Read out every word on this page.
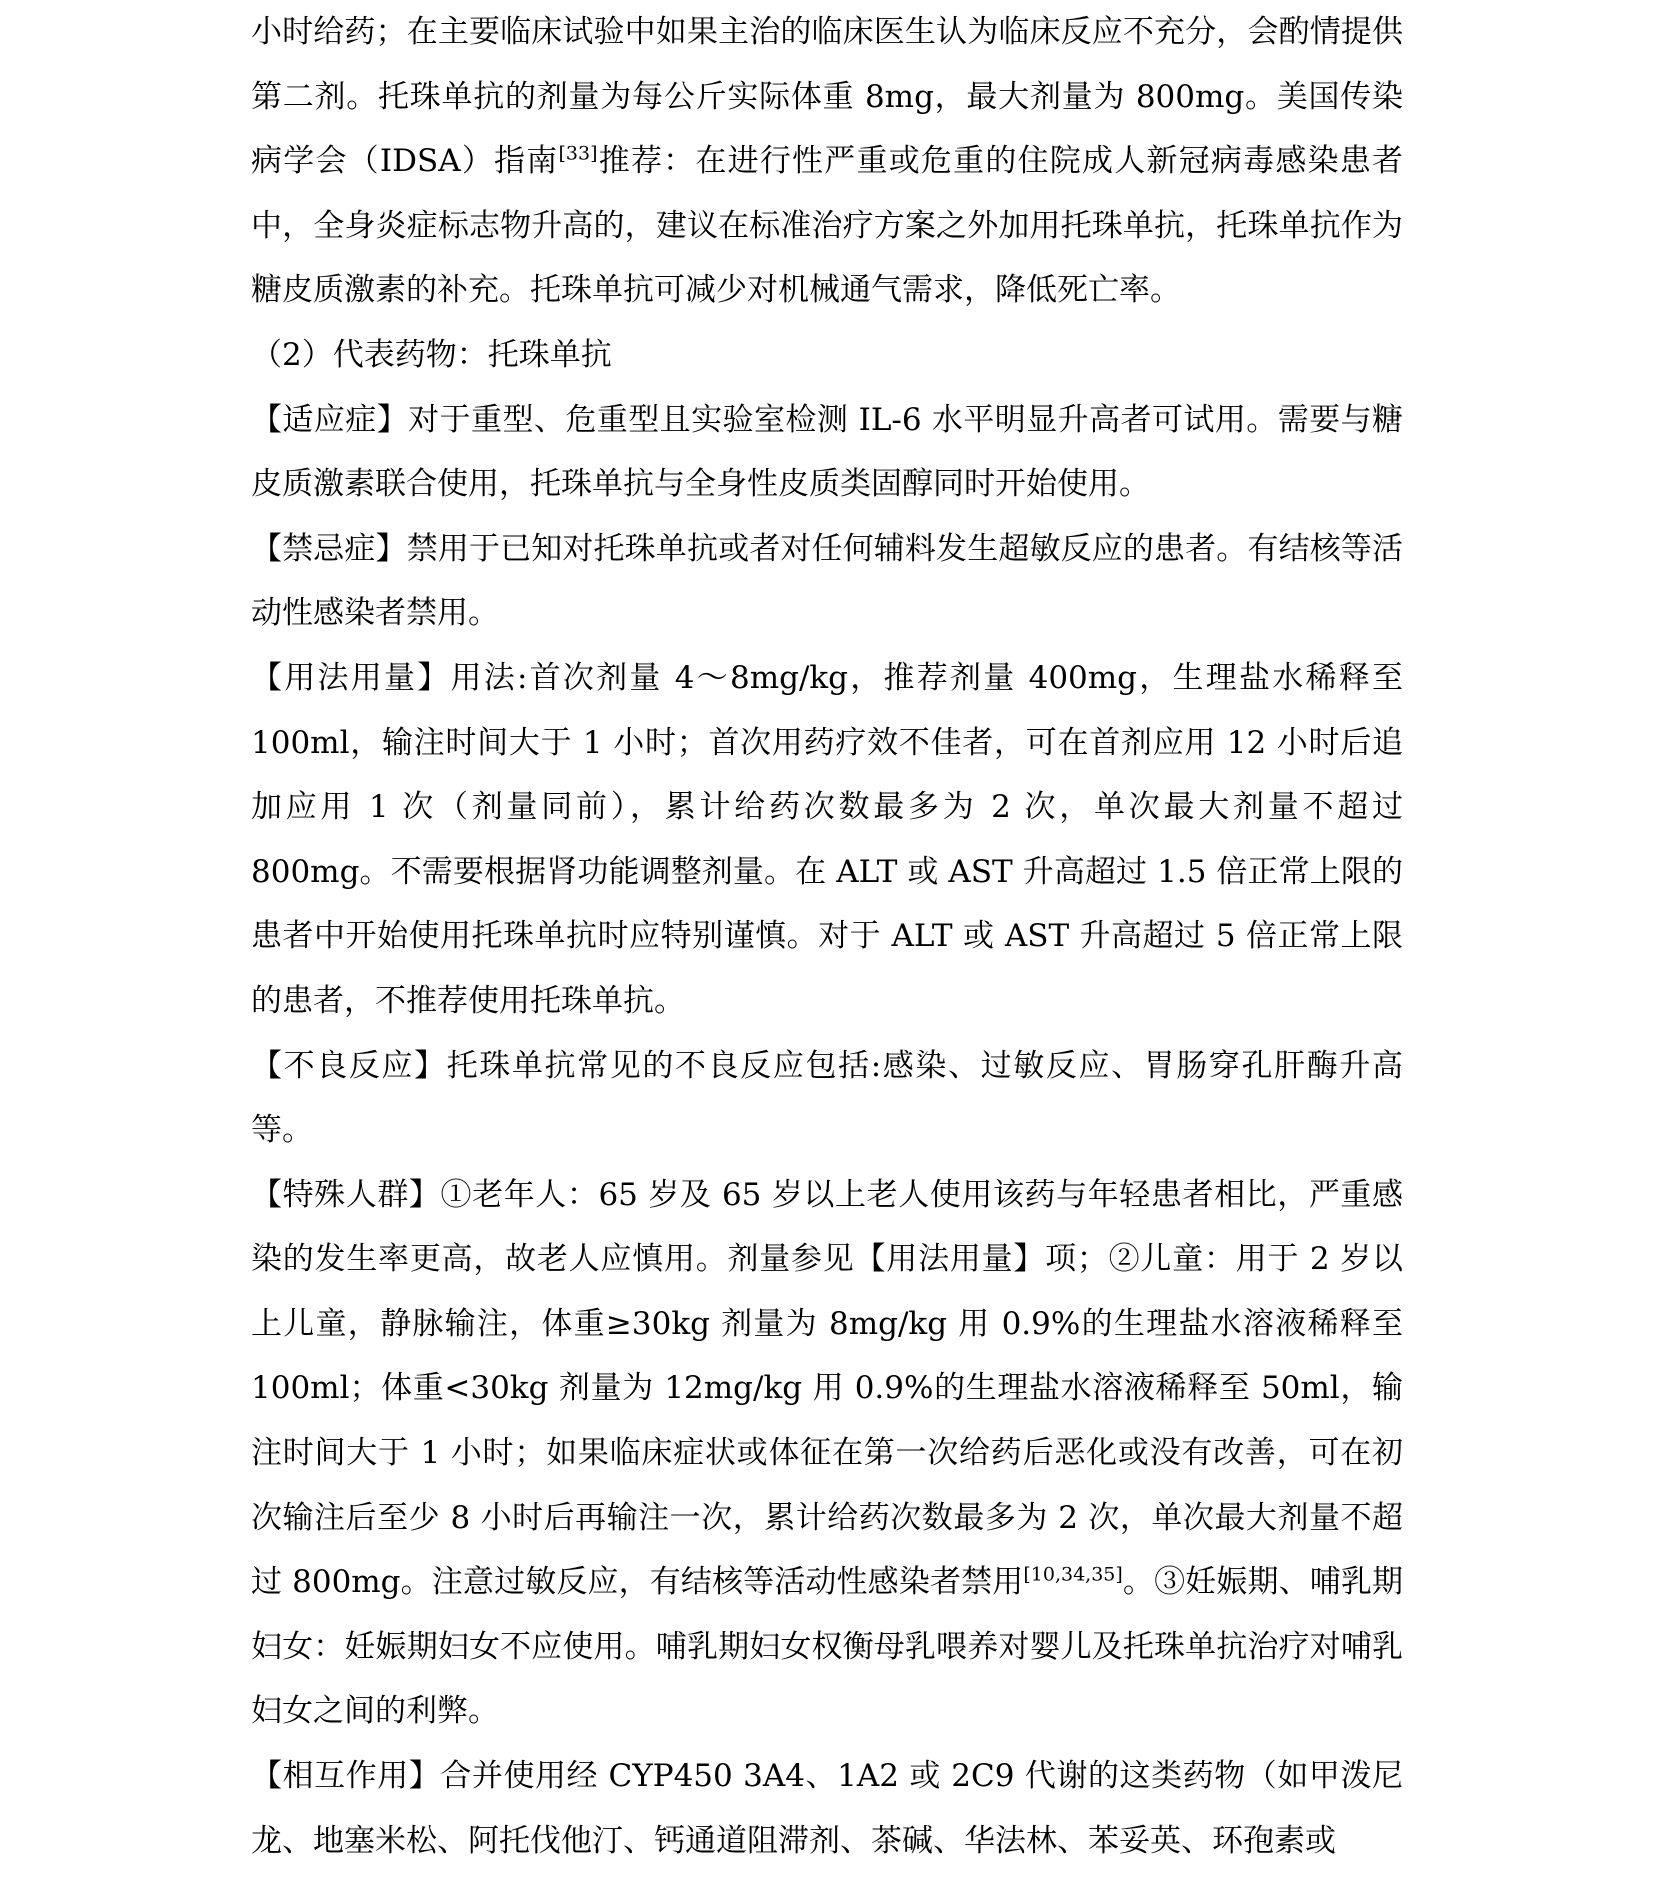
小时给药；在主要临床试验中如果主治的临床医生认为临床反应不充分，会酌情提供第二剂。托珠单抗的剂量为每公斤实际体重 8mg，最大剂量为 800mg。美国传染病学会（IDSA）指南[33]推荐：在进行性严重或危重的住院成人新冠病毒感染患者中，全身炎症标志物升高的，建议在标准治疗方案之外加用托珠单抗，托珠单抗作为糖皮质激素的补充。托珠单抗可减少对机械通气需求，降低死亡率。

（2）代表药物：托珠单抗

【适应症】对于重型、危重型且实验室检测 IL-6 水平明显升高者可试用。需要与糖皮质激素联合使用，托珠单抗与全身性皮质类固醇同时开始使用。

【禁忌症】禁用于已知对托珠单抗或者对任何辅料发生超敏反应的患者。有结核等活动性感染者禁用。

【用法用量】用法:首次剂量 4～8mg/kg，推荐剂量 400mg，生理盐水稀释至 100ml，输注时间大于 1 小时；首次用药疗效不佳者，可在首剂应用 12 小时后追加应用 1 次（剂量同前），累计给药次数最多为 2 次，单次最大剂量不超过 800mg。不需要根据肾功能调整剂量。在 ALT 或 AST 升高超过 1.5 倍正常上限的患者中开始使用托珠单抗时应特别谨慎。对于 ALT 或 AST 升高超过 5 倍正常上限的患者，不推荐使用托珠单抗。

【不良反应】托珠单抗常见的不良反应包括:感染、过敏反应、胃肠穿孔肝酶升高等。

【特殊人群】①老年人：65 岁及 65 岁以上老人使用该药与年轻患者相比，严重感染的发生率更高，故老人应慎用。剂量参见【用法用量】项；②儿童：用于 2 岁以上儿童，静脉输注，体重≥30kg 剂量为 8mg/kg 用 0.9%的生理盐水溶液稀释至 100ml；体重<30kg 剂量为 12mg/kg 用 0.9%的生理盐水溶液稀释至 50ml，输注时间大于 1 小时；如果临床症状或体征在第一次给药后恶化或没有改善，可在初次输注后至少 8 小时后再输注一次，累计给药次数最多为 2 次，单次最大剂量不超过 800mg。注意过敏反应，有结核等活动性感染者禁用[10,34,35]。③妊娠期、哺乳期妇女：妊娠期妇女不应使用。哺乳期妇女权衡母乳喂养对婴儿及托珠单抗治疗对哺乳妇女之间的利弊。

【相互作用】合并使用经 CYP450 3A4、1A2 或 2C9 代谢的这类药物（如甲泼尼龙、地塞米松、阿托伐他汀、钙通道阻滞剂、茶碱、华法林、苯妥英、环孢素或
